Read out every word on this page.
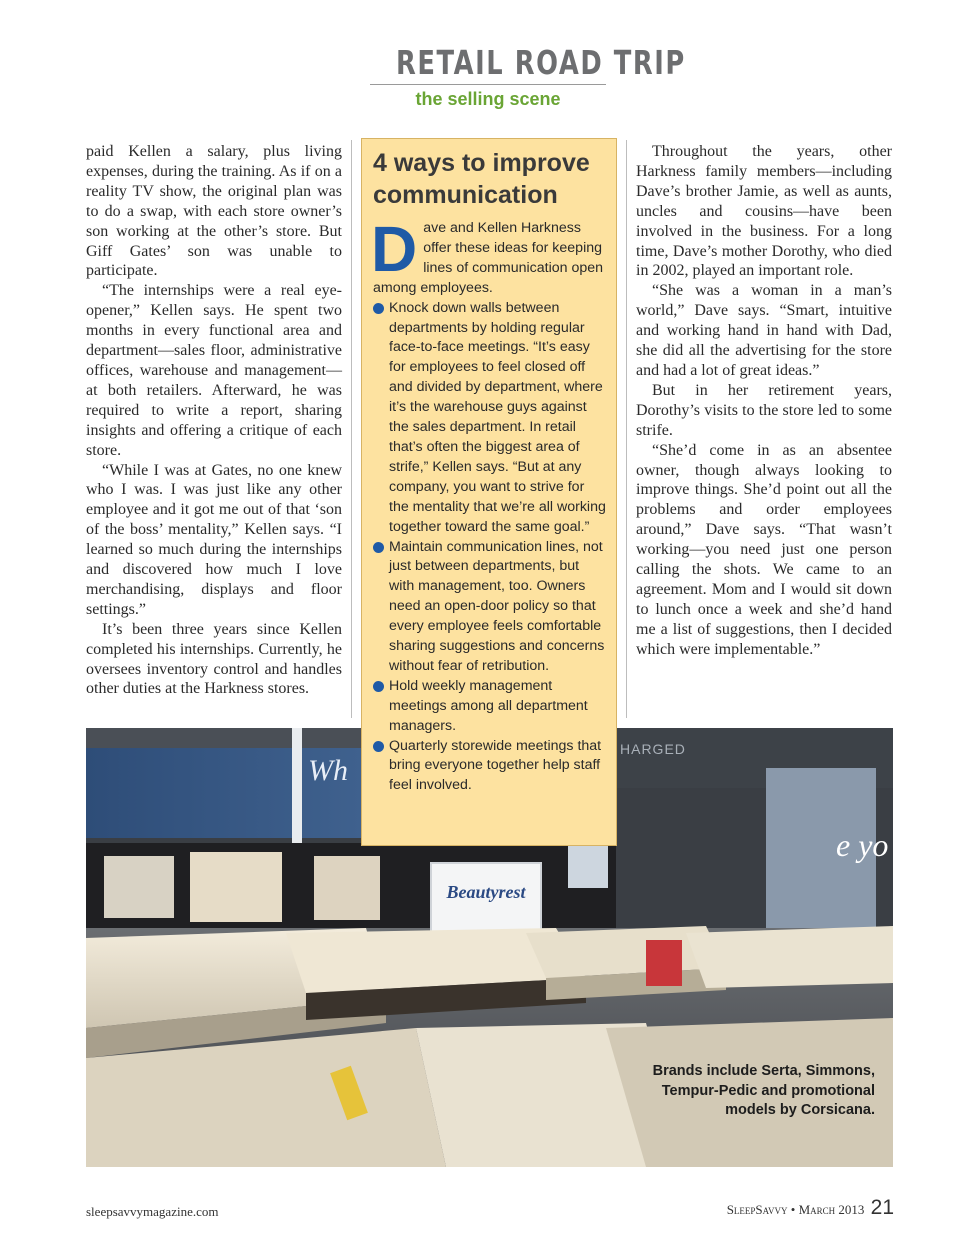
RETAIL ROAD TRIP
the selling scene

paid Kellen a salary, plus living expenses, during the training. As if on a reality TV show, the original plan was to do a swap, with each store owner’s son working at the other’s store. But Giff Gates’ son was unable to participate.

“The internships were a real eye-opener,” Kellen says. He spent two months in every functional area and department—sales floor, administrative offices, warehouse and management—at both retailers. Afterward, he was required to write a report, sharing insights and offering a critique of each store.

“While I was at Gates, no one knew who I was. I was just like any other employee and it got me out of that ‘son of the boss’ mentality,” Kellen says. “I learned so much during the internships and discovered how much I love merchandising, displays and floor settings.”

It’s been three years since Kellen completed his internships. Currently, he oversees inventory control and handles other duties at the Harkness stores.

Throughout the years, other Harkness family members—including Dave’s brother Jamie, as well as aunts, uncles and cousins—have been involved in the business. For a long time, Dave’s mother Dorothy, who died in 2002, played an important role.

“She was a woman in a man’s world,” Dave says. “Smart, intuitive and working hand in hand with Dad, she did all the advertising for the store and had a lot of great ideas.”

But in her retirement years, Dorothy’s visits to the store led to some strife.

“She’d come in as an absentee owner, though always looking to improve things. She’d point out all the problems and order employees around,” Dave says. “That wasn’t working—you need just one person calling the shots. We came to an agreement. Mom and I would sit down to lunch once a week and she’d hand me a list of suggestions, then I decided which were implementable.”

Wh
HARGED
e yo
Beautyrest
Brands include Serta, Simmons, Tempur-Pedic and promotional models by Corsicana.
4 ways to improve communication
Dave and Kellen Harkness offer these ideas for keeping lines of communication open among employees.
Knock down walls between departments by holding regular face-to-face meetings. “It’s easy for employees to feel closed off and divided by department, where it’s the warehouse guys against the sales department. In retail that’s often the biggest area of strife,” Kellen says. “But at any company, you want to strive for the mentality that we’re all working together toward the same goal.”
Maintain communication lines, not just between departments, but with management, too. Owners need an open-door policy so that every employee feels comfortable sharing suggestions and concerns without fear of retribution.
Hold weekly management meetings among all department managers.
Quarterly storewide meetings that bring everyone together help staff feel involved.
sleepsavvymagazine.com	SleepSavvy • March 2013 21
